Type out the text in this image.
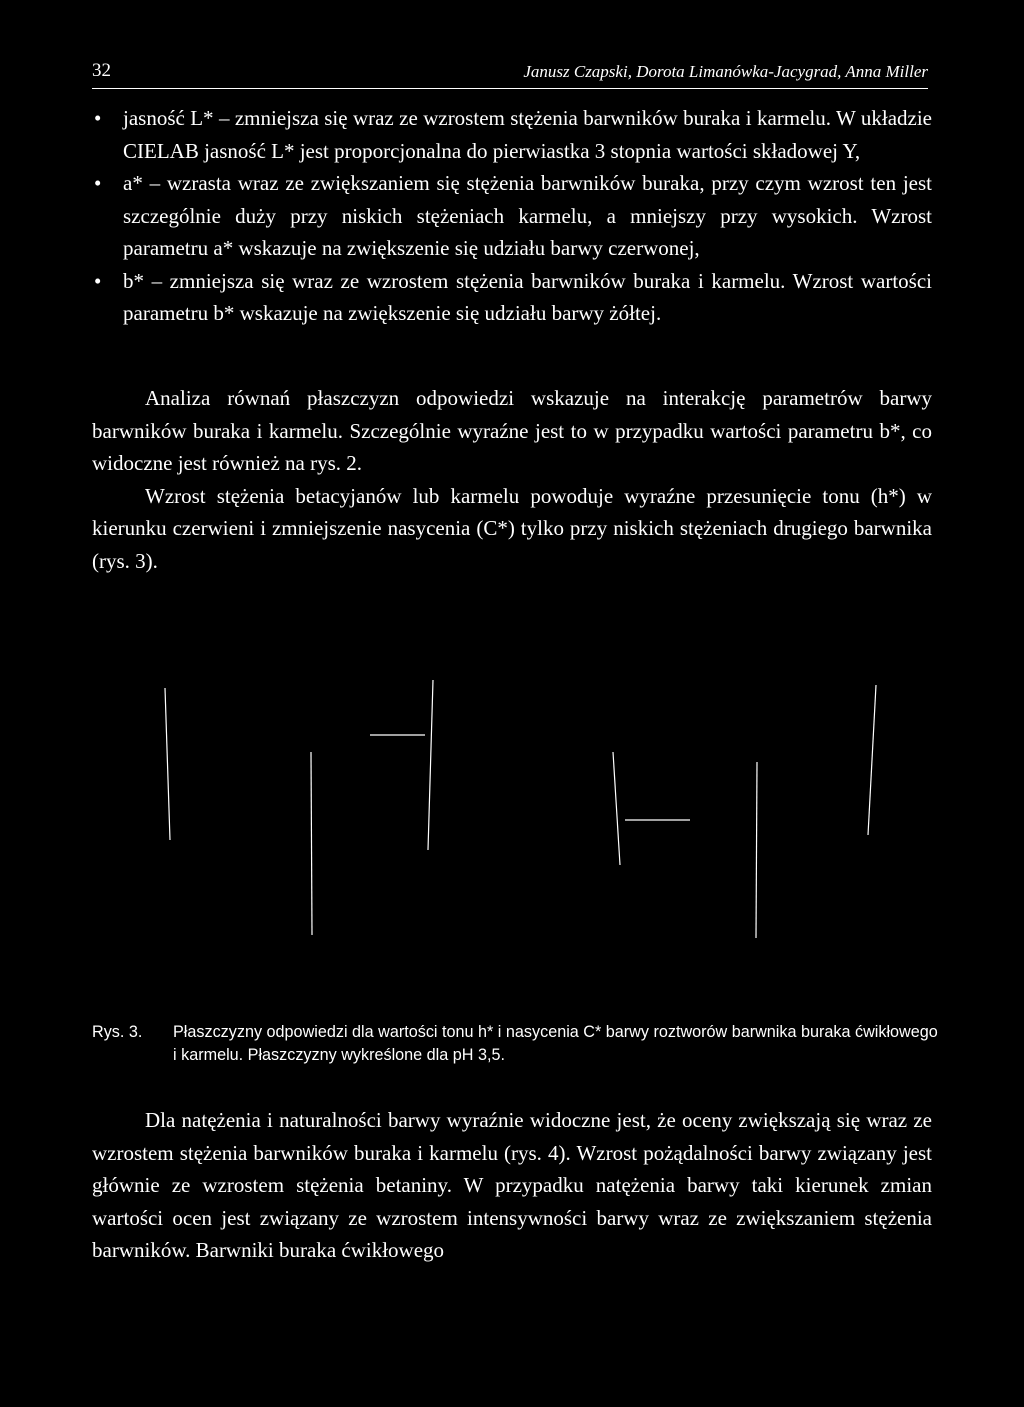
32	Janusz Czapski, Dorota Limanówka-Jacygrad, Anna Miller
• jasność L* – zmniejsza się wraz ze wzrostem stężenia barwników buraka i karmelu. W układzie CIELAB jasność L* jest proporcjonalna do pierwiastka 3 stopnia wartości składowej Y,
• a* – wzrasta wraz ze zwiększaniem się stężenia barwników buraka, przy czym wzrost ten jest szczególnie duży przy niskich stężeniach karmelu, a mniejszy przy wysokich. Wzrost parametru a* wskazuje na zwiększenie się udziału barwy czerwonej,
• b* – zmniejsza się wraz ze wzrostem stężenia barwników buraka i karmelu. Wzrost wartości parametru b* wskazuje na zwiększenie się udziału barwy żółtej.

Analiza równań płaszczyzn odpowiedzi wskazuje na interakcję parametrów barwy barwników buraka i karmelu. Szczególnie wyraźne jest to w przypadku wartości parametru b*, co widoczne jest również na rys. 2.

Wzrost stężenia betacyjanów lub karmelu powoduje wyraźne przesunięcie tonu (h*) w kierunku czerwieni i zmniejszenie nasycenia (C*) tylko przy niskich stężeniach drugiego barwnika (rys. 3).

Rys. 3. Płaszczyzny odpowiedzi dla wartości tonu h* i nasycenia C* barwy roztworów barwnika buraka ćwikłowego i karmelu. Płaszczyzny wykreślone dla pH 3,5.

Dla natężenia i naturalności barwy wyraźnie widoczne jest, że oceny zwiększają się wraz ze wzrostem stężenia barwników buraka i karmelu (rys. 4). Wzrost pożądalności barwy związany jest głównie ze wzrostem stężenia betaniny. W przypadku natężenia barwy taki kierunek zmian wartości ocen jest związany ze wzrostem intensywności barwy wraz ze zwiększaniem stężenia barwników. Barwniki buraka ćwikłowego
